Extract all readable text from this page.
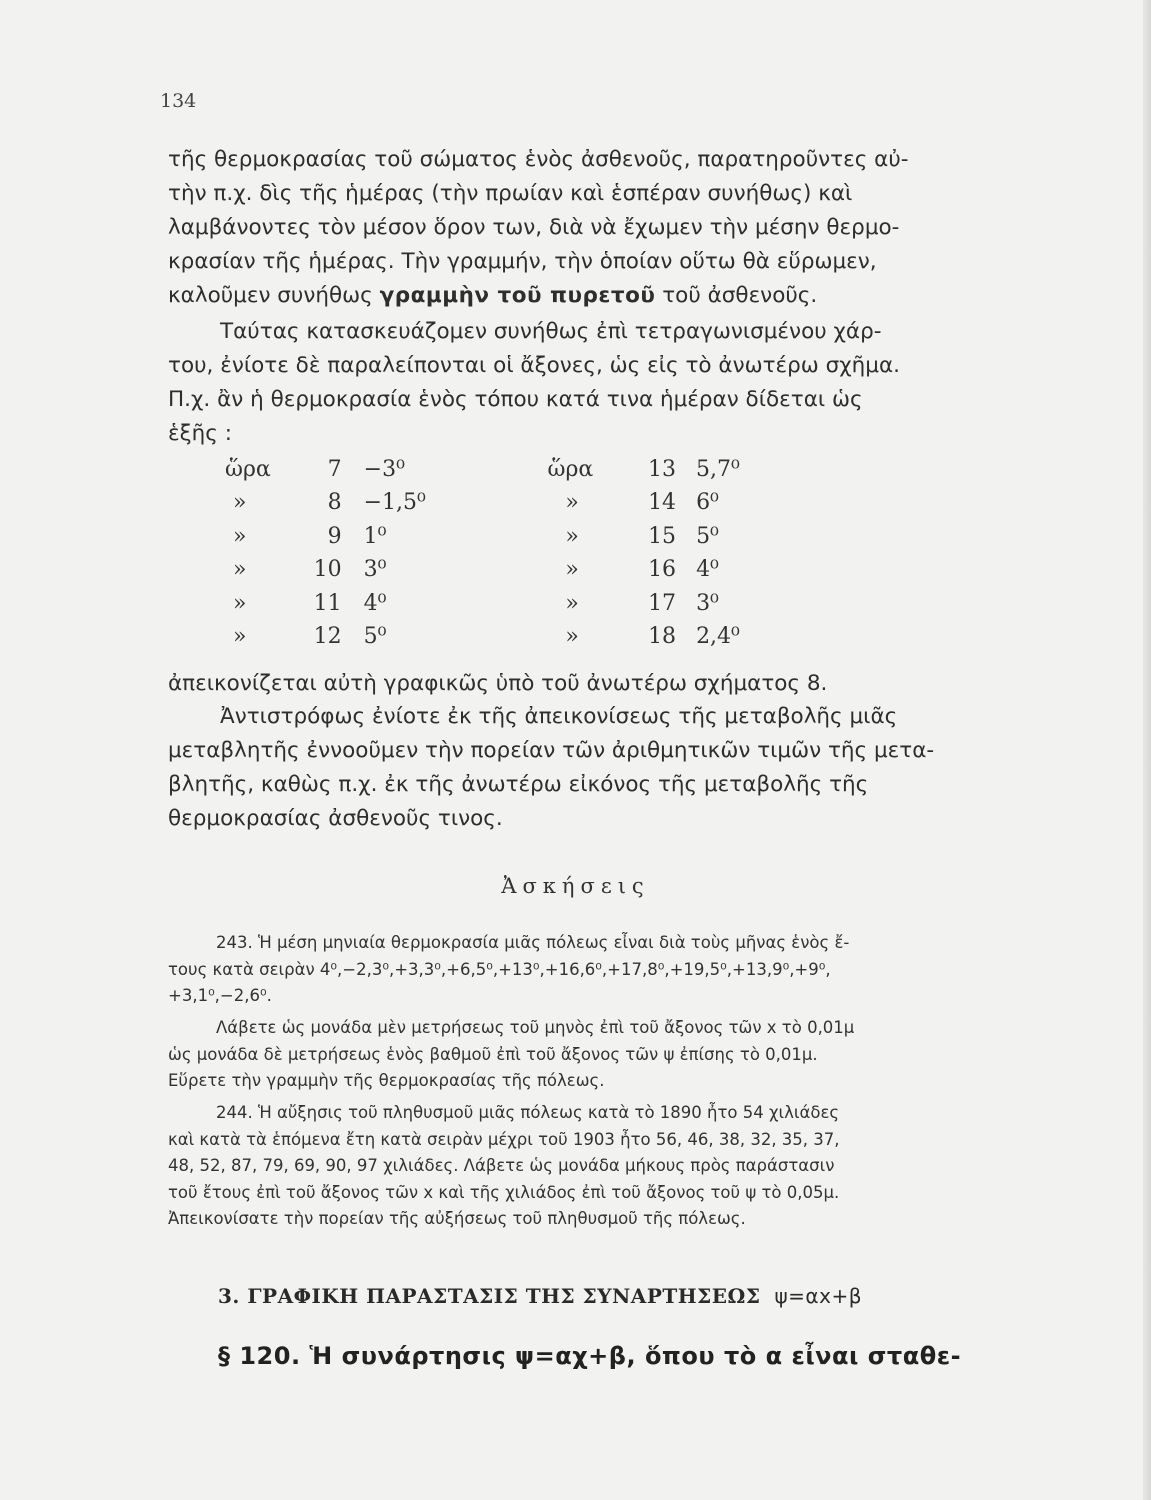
134
τῆς θερμοκρασίας τοῦ σώματος ἑνὸς ἀσθενοῦς, παρατηροῦντες αὐ-
τὴν π.χ. δὶς τῆς ἡμέρας (τὴν πρωίαν καὶ ἑσπέραν συνήθως) καὶ
λαμβάνοντες τὸν μέσον ὅρον των, διὰ νὰ ἔχωμεν τὴν μέσην θερμο-
κρασίαν τῆς ἡμέρας. Τὴν γραμμήν, τὴν ὁποίαν οὕτω θὰ εὕρωμεν,
καλοῦμεν συνήθως γραμμὴν τοῦ πυρετοῦ τοῦ ἀσθενοῦς.
Ταύτας κατασκευάζομεν συνήθως ἐπὶ τετραγωνισμένου χάρ-
του, ἐνίοτε δὲ παραλείπονται οἱ ἄξονες, ὡς εἰς τὸ ἀνωτέρω σχῆμα.
Π.χ. ἂν ἡ θερμοκρασία ἑνὸς τόπου κατά τινα ἡμέραν δίδεται ὡς
ἑξῆς :
ὥρα	7	−3⁰	ὥρα	13 5,7⁰
»	8	−1,5⁰	»	14 6⁰
»	9	1⁰	»	15 5⁰
»	10	3⁰	»	16 4⁰
»	11	4⁰	»	17 3⁰
»	12	5⁰	»	18 2,4⁰
ἀπεικονίζεται αὐτὴ γραφικῶς ὑπὸ τοῦ ἀνωτέρω σχήματος 8.
Ἀντιστρόφως ἐνίοτε ἐκ τῆς ἀπεικονίσεως τῆς μεταβολῆς μιᾶς
μεταβλητῆς ἐννοοῦμεν τὴν πορείαν τῶν ἀριθμητικῶν τιμῶν τῆς μετα-
βλητῆς, καθὼς π.χ. ἐκ τῆς ἀνωτέρω εἰκόνος τῆς μεταβολῆς τῆς
θερμοκρασίας ἀσθενοῦς τινος.
Ἀσκήσεις
243. Ἡ μέση μηνιαία θερμοκρασία μιᾶς πόλεως εἶναι διὰ τοὺς μῆνας ἑνὸς ἔ-
τους κατὰ σειρὰν 4⁰,−2,3⁰,+3,3⁰,+6,5⁰,+13⁰,+16,6⁰,+17,8⁰,+19,5⁰,+13,9⁰,+9⁰,
+3,1⁰,−2,6⁰.
Λάβετε ὡς μονάδα μὲν μετρήσεως τοῦ μηνὸς ἐπὶ τοῦ ἄξονος τῶν x τὸ 0,01μ
ὡς μονάδα δὲ μετρήσεως ἑνὸς βαθμοῦ ἐπὶ τοῦ ἄξονος τῶν ψ ἐπίσης τὸ 0,01μ.
Εὕρετε τὴν γραμμὴν τῆς θερμοκρασίας τῆς πόλεως.
244. Ἡ αὔξησις τοῦ πληθυσμοῦ μιᾶς πόλεως κατὰ τὸ 1890 ἦτο 54 χιλιάδες
καὶ κατὰ τὰ ἑπόμενα ἔτη κατὰ σειρὰν μέχρι τοῦ 1903 ἦτο 56, 46, 38, 32, 35, 37,
48, 52, 87, 79, 69, 90, 97 χιλιάδες. Λάβετε ὡς μονάδα μήκους πρὸς παράστασιν
τοῦ ἔτους ἐπὶ τοῦ ἄξονος τῶν x καὶ τῆς χιλιάδος ἐπὶ τοῦ ἄξονος τοῦ ψ τὸ 0,05μ.
Ἀπεικονίσατε τὴν πορείαν τῆς αὐξήσεως τοῦ πληθυσμοῦ τῆς πόλεως.
3. ΓΡΑΦΙΚΗ ΠΑΡΑΣΤΑΣΙΣ ΤΗΣ ΣΥΝΑΡΤΗΣΕΩΣ ψ=αx+β
§ 120. Ἡ συνάρτησις ψ=αχ+β, ὅπου τὸ α εἶναι σταθε-
